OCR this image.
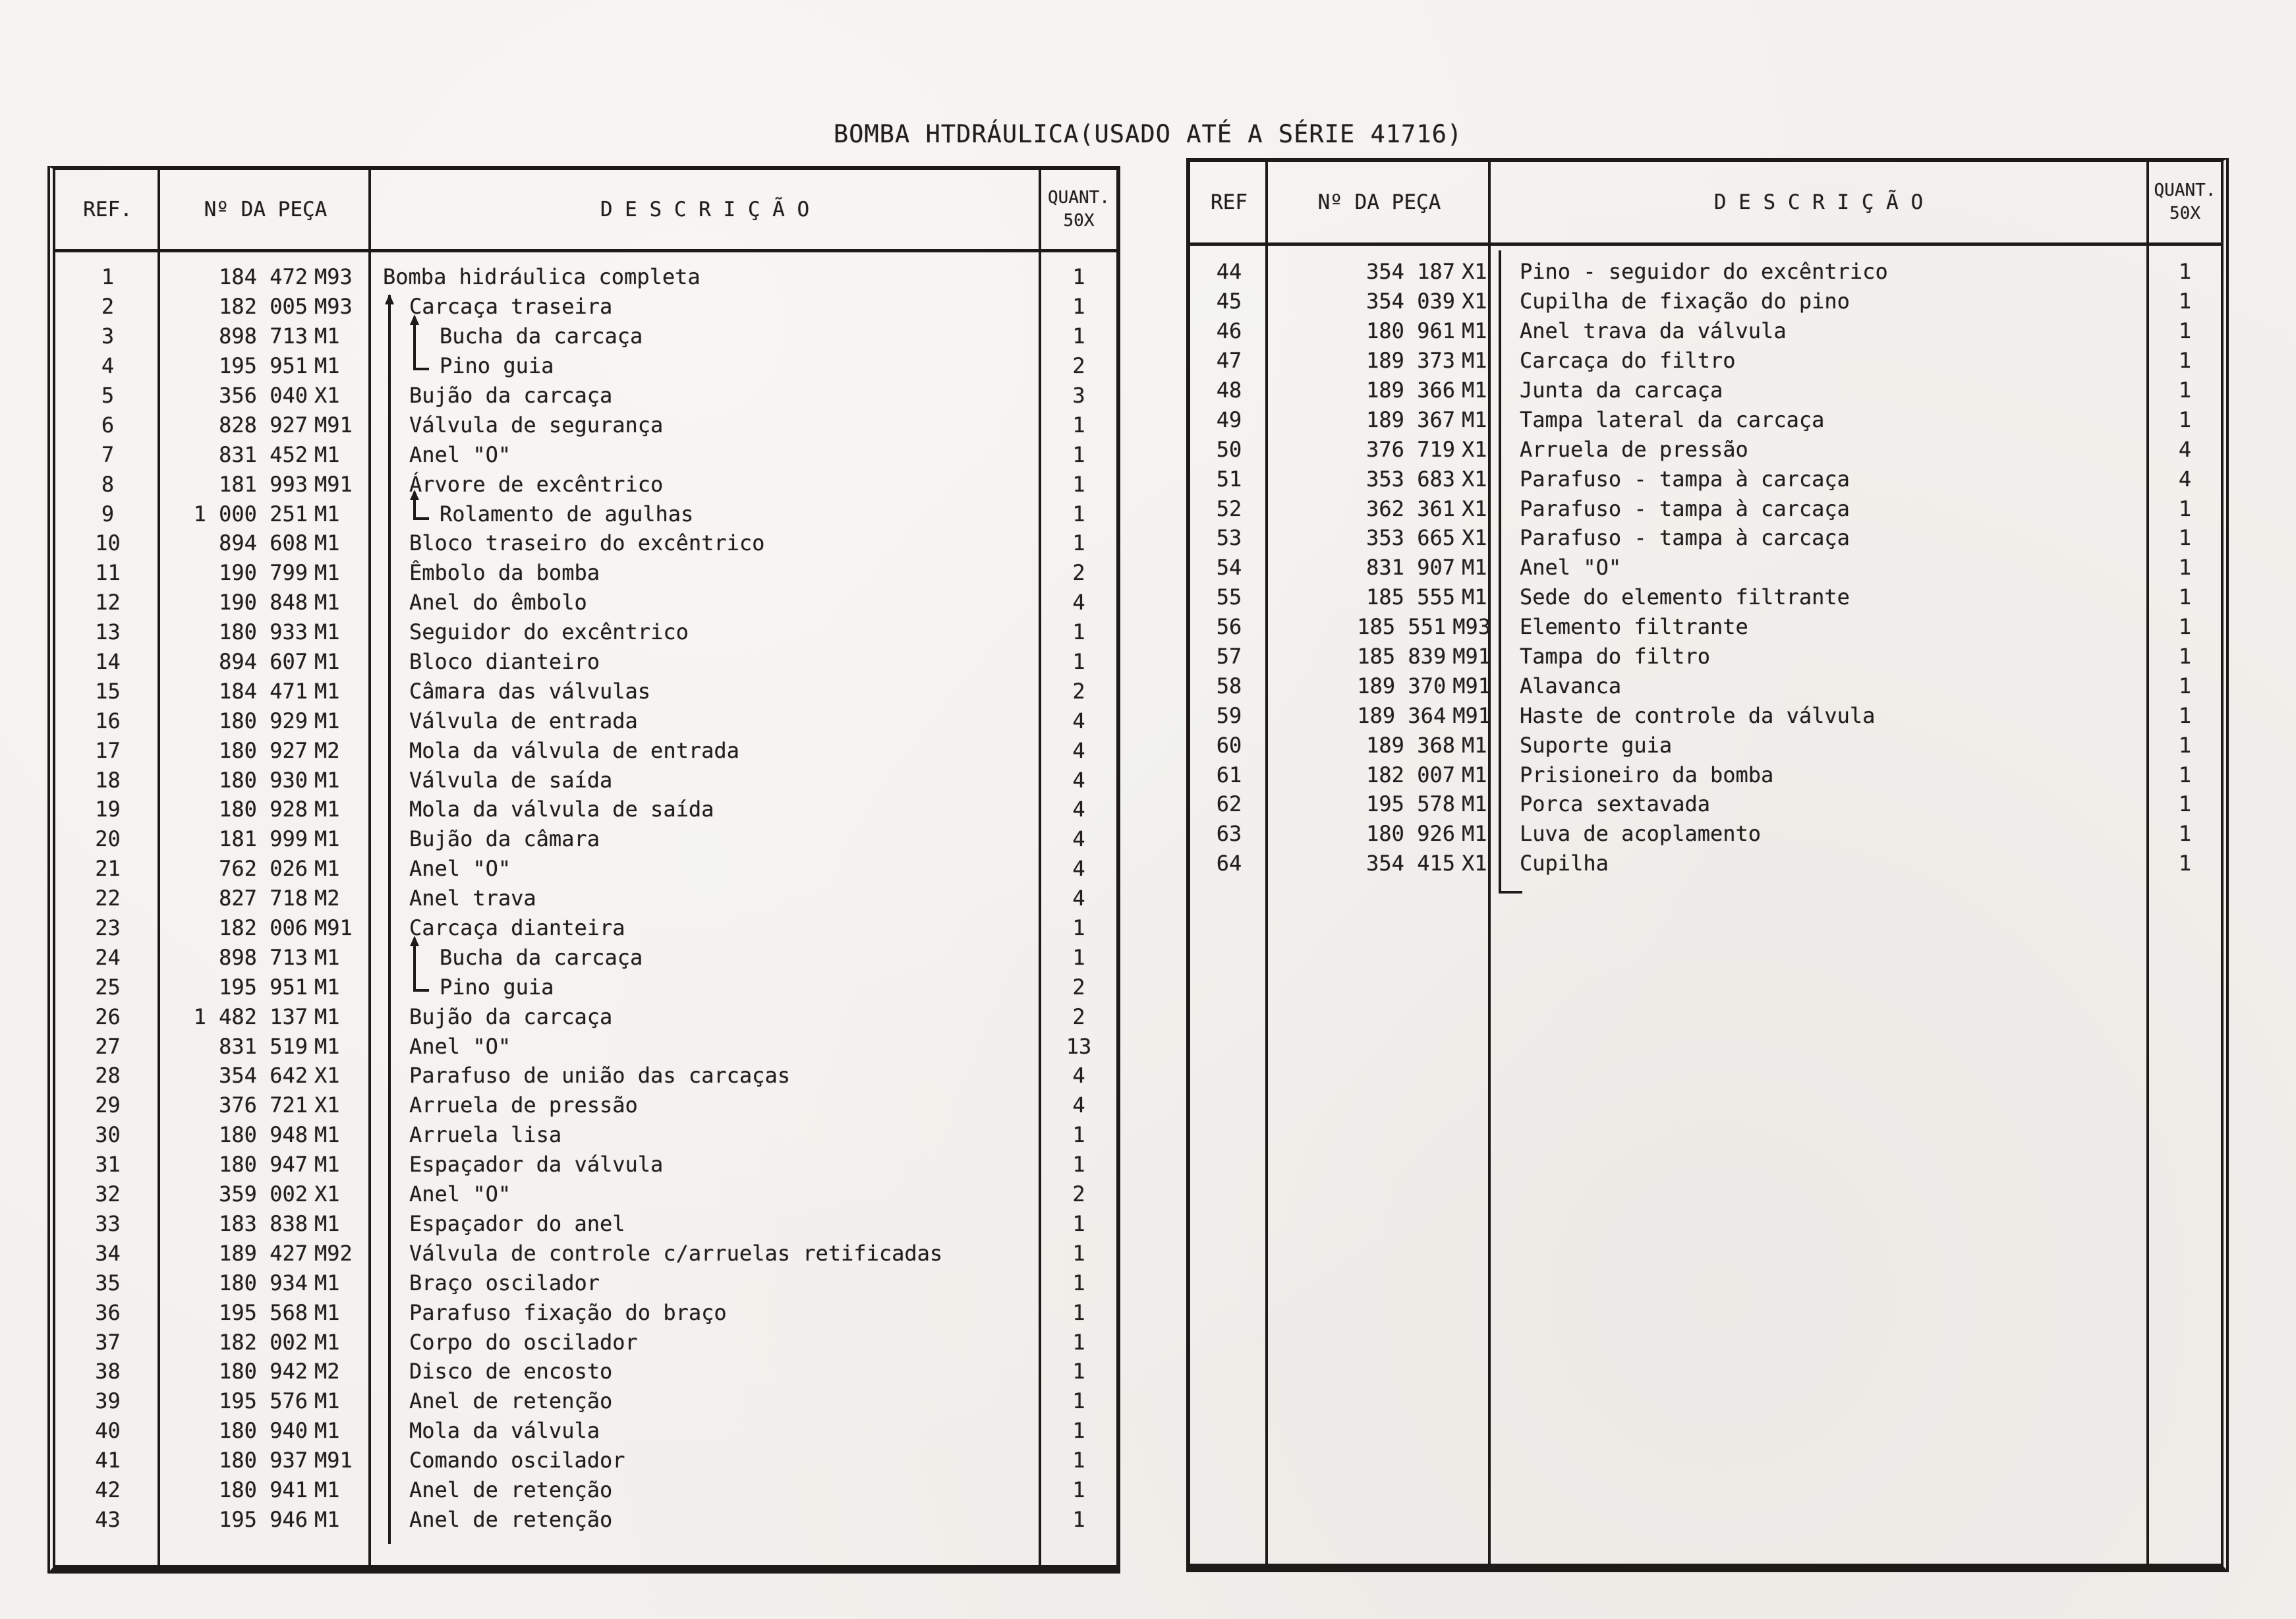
BOMBA HTDRÁULICA(USADO ATÉ A SÉRIE 41716)
REF.	Nº DA PEÇA	D E S C R I Ç Ã O
QUANT.
50X
1	184 472 M93	Bomba hidráulica completa	1
2	182 005 M93	Carcaça traseira	1
3	898 713 M1	Bucha da carcaça	1
4	195 951 M1	Pino guia	2
5	356 040 X1	Bujão da carcaça	3
6	828 927 M91	Válvula de segurança	1
7	831 452 M1	Anel "O"	1
8	181 993 M91	Árvore de excêntrico	1
9	1 000 251 M1	Rolamento de agulhas	1
10	894 608 M1	Bloco traseiro do excêntrico	1
11	190 799 M1	Êmbolo da bomba	2
12	190 848 M1	Anel do êmbolo	4
13	180 933 M1	Seguidor do excêntrico	1
14	894 607 M1	Bloco dianteiro	1
15	184 471 M1	Câmara das válvulas	2
16	180 929 M1	Válvula de entrada	4
17	180 927 M2	Mola da válvula de entrada	4
18	180 930 M1	Válvula de saída	4
19	180 928 M1	Mola da válvula de saída	4
20	181 999 M1	Bujão da câmara	4
21	762 026 M1	Anel "O"	4
22	827 718 M2	Anel trava	4
23	182 006 M91	Carcaça dianteira	1
24	898 713 M1	Bucha da carcaça	1
25	195 951 M1	Pino guia	2
26	1 482 137 M1	Bujão da carcaça	2
27	831 519 M1	Anel "O"	13
28	354 642 X1	Parafuso de união das carcaças	4
29	376 721 X1	Arruela de pressão	4
30	180 948 M1	Arruela lisa	1
31	180 947 M1	Espaçador da válvula	1
32	359 002 X1	Anel "O"	2
33	183 838 M1	Espaçador do anel	1
34	189 427 M92	Válvula de controle c/arruelas retificadas	1
35	180 934 M1	Braço oscilador	1
36	195 568 M1	Parafuso fixação do braço	1
37	182 002 M1	Corpo do oscilador	1
38	180 942 M2	Disco de encosto	1
39	195 576 M1	Anel de retenção	1
40	180 940 M1	Mola da válvula	1
41	180 937 M91	Comando oscilador	1
42	180 941 M1	Anel de retenção	1
43	195 946 M1	Anel de retenção	1
REF	Nº DA PEÇA	D E S C R I Ç Ã O
QUANT.
50X
44	354 187 X1	Pino - seguidor do excêntrico	1
45	354 039 X1	Cupilha de fixação do pino	1
46	180 961 M1	Anel trava da válvula	1
47	189 373 M1	Carcaça do filtro	1
48	189 366 M1	Junta da carcaça	1
49	189 367 M1	Tampa lateral da carcaça	1
50	376 719 X1	Arruela de pressão	4
51	353 683 X1	Parafuso - tampa à carcaça	4
52	362 361 X1	Parafuso - tampa à carcaça	1
53	353 665 X1	Parafuso - tampa à carcaça	1
54	831 907 M1	Anel "O"	1
55	185 555 M1	Sede do elemento filtrante	1
56	185 551 M93	Elemento filtrante	1
57	185 839 M91	Tampa do filtro	1
58	189 370 M91	Alavanca	1
59	189 364 M91	Haste de controle da válvula	1
60	189 368 M1	Suporte guia	1
61	182 007 M1	Prisioneiro da bomba	1
62	195 578 M1	Porca sextavada	1
63	180 926 M1	Luva de acoplamento	1
64	354 415 X1	Cupilha	1
